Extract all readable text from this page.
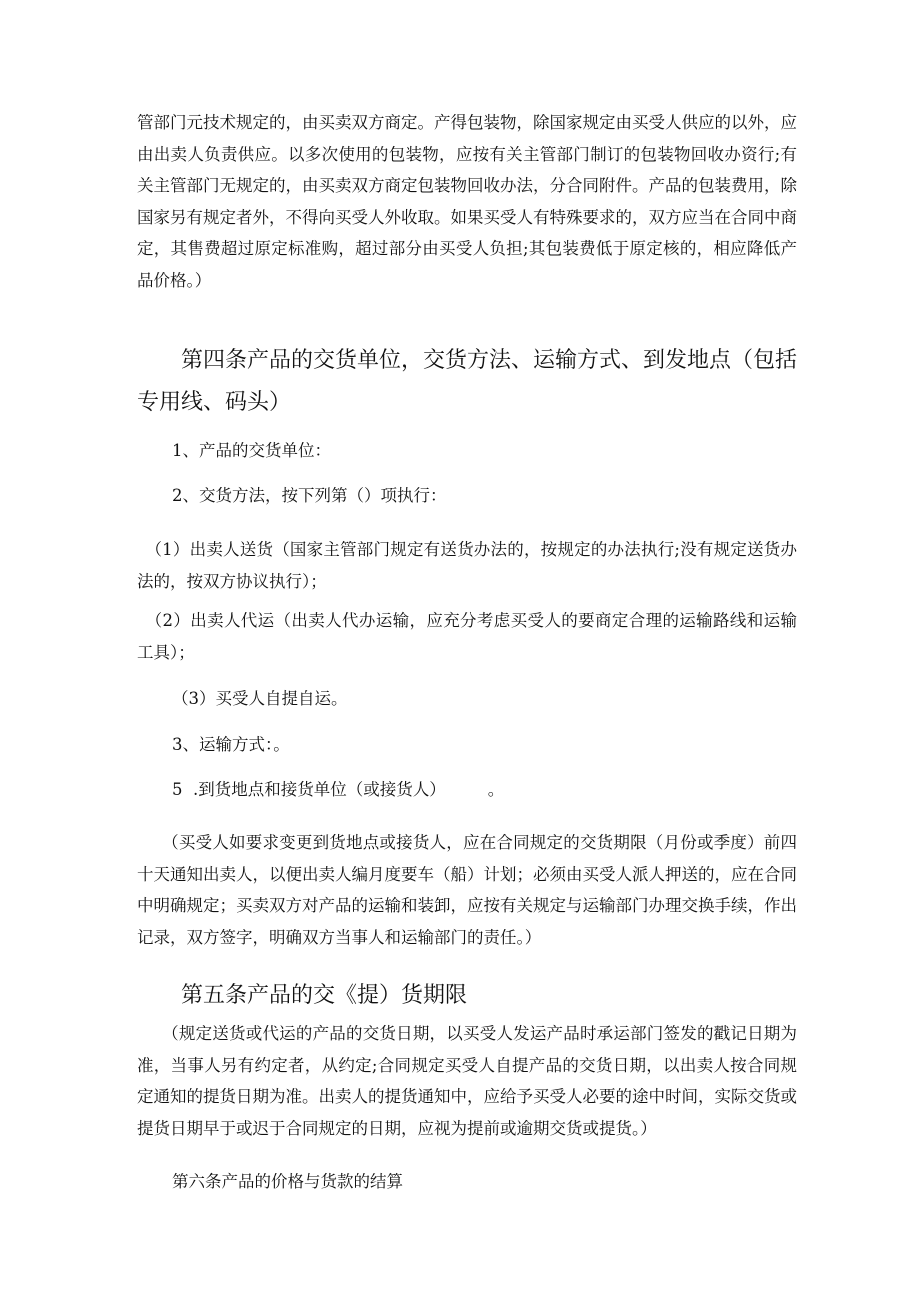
管部门元技术规定的，由买卖双方商定。产得包装物，除国家规定由买受人供应的以外，应由出卖人负责供应。以多次使用的包装物，应按有关主管部门制订的包装物回收办资行;有关主管部门无规定的，由买卖双方商定包装物回收办法，分合同附件。产品的包装费用，除国家另有规定者外，不得向买受人外收取。如果买受人有特殊要求的，双方应当在合同中商定，其售费超过原定标准购，超过部分由买受人负担;其包装费低于原定核的，相应降低产品价格。）

　　第四条产品的交货单位，交货方法、运输方式、到发地点（包括专用线、码头）

1、产品的交货单位：

2、交货方法，按下列第（）项执行：

　（1）出卖人送货（国家主管部门规定有送货办法的，按规定的办法执行;没有规定送货办法的，按双方协议执行）；

　（2）出卖人代运（出卖人代办运输，应充分考虑买受人的要商定合理的运输路线和运输工具）；

（3）买受人自提自运。

3、运输方式：。

5  .到货地点和接货单位（或接货人）        。

　　（买受人如要求变更到货地点或接货人，应在合同规定的交货期限（月份或季度）前四十天通知出卖人，以便出卖人编月度要车（船）计划；必须由买受人派人押送的，应在合同中明确规定；买卖双方对产品的运输和装卸，应按有关规定与运输部门办理交换手续，作出记录，双方签字，明确双方当事人和运输部门的责任。）

　　第五条产品的交《提）货期限

　　（规定送货或代运的产品的交货日期，以买受人发运产品时承运部门签发的戳记日期为准，当事人另有约定者，从约定;合同规定买受人自提产品的交货日期，以出卖人按合同规定通知的提货日期为准。出卖人的提货通知中，应给予买受人必要的途中时间，实际交货或提货日期早于或迟于合同规定的日期，应视为提前或逾期交货或提货。）

第六条产品的价格与货款的结算
